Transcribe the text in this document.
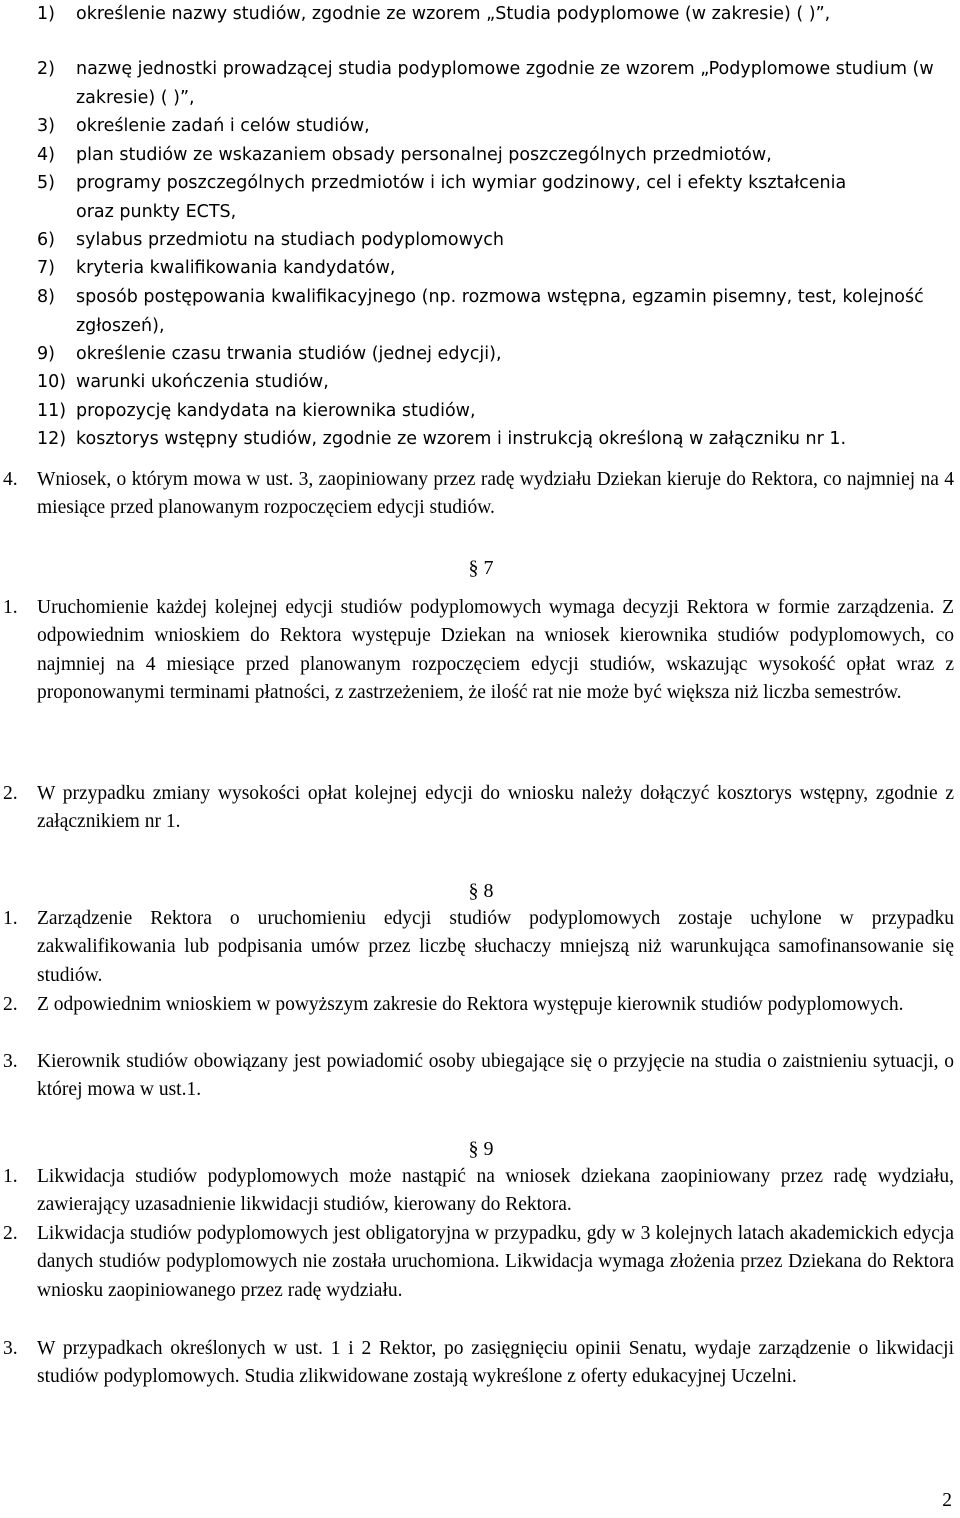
1) określenie nazwy studiów, zgodnie ze wzorem „Studia podyplomowe (w zakresie) ( )”,
2) nazwę jednostki prowadzącej studia podyplomowe zgodnie ze wzorem „Podyplomowe studium (w zakresie) ( )”,
3) określenie zadań i celów studiów,
4) plan studiów ze wskazaniem obsady personalnej poszczególnych przedmiotów,
5) programy poszczególnych przedmiotów i ich wymiar godzinowy, cel i efekty kształcenia oraz punkty ECTS,
6) sylabus przedmiotu na studiach podyplomowych
7) kryteria kwalifikowania kandydatów,
8) sposób postępowania kwalifikacyjnego (np. rozmowa wstępna, egzamin pisemny, test, kolejność zgłoszeń),
9) określenie czasu trwania studiów (jednej edycji),
10) warunki ukończenia studiów,
11) propozycję kandydata na kierownika studiów,
12) kosztorys wstępny studiów, zgodnie ze wzorem i instrukcją określoną w załączniku nr 1.
4. Wniosek, o którym mowa w ust. 3, zaopiniowany przez radę wydziału Dziekan kieruje do Rektora, co najmniej na 4 miesiące przed planowanym rozpoczęciem edycji studiów.
§ 7
1. Uruchomienie każdej kolejnej edycji studiów podyplomowych wymaga decyzji Rektora w formie zarządzenia. Z odpowiednim wnioskiem do Rektora występuje Dziekan na wniosek kierownika studiów podyplomowych, co najmniej na 4 miesiące przed planowanym rozpoczęciem edycji studiów, wskazując wysokość opłat wraz z proponowanymi terminami płatności, z zastrzeżeniem, że ilość rat nie może być większa niż liczba semestrów.
2. W przypadku zmiany wysokości opłat kolejnej edycji do wniosku należy dołączyć kosztorys wstępny, zgodnie z załącznikiem nr 1.
§ 8
1. Zarządzenie Rektora o uruchomieniu edycji studiów podyplomowych zostaje uchylone w przypadku zakwalifikowania lub podpisania umów przez liczbę słuchaczy mniejszą niż warunkująca samofinansowanie się studiów.
2. Z odpowiednim wnioskiem w powyższym zakresie do Rektora występuje kierownik studiów podyplomowych.
3. Kierownik studiów obowiązany jest powiadomić osoby ubiegające się o przyjęcie na studia o zaistnieniu sytuacji, o której mowa w ust.1.
§ 9
1. Likwidacja studiów podyplomowych może nastąpić na wniosek dziekana zaopiniowany przez radę wydziału, zawierający uzasadnienie likwidacji studiów, kierowany do Rektora.
2. Likwidacja studiów podyplomowych jest obligatoryjna w przypadku, gdy w 3 kolejnych latach akademickich edycja danych studiów podyplomowych nie została uruchomiona. Likwidacja wymaga złożenia przez Dziekana do Rektora wniosku zaopiniowanego przez radę wydziału.
3. W przypadkach określonych w ust. 1 i 2 Rektor, po zasięgnięciu opinii Senatu, wydaje zarządzenie o likwidacji studiów podyplomowych. Studia zlikwidowane zostają wykreślone z oferty edukacyjnej Uczelni.
2
